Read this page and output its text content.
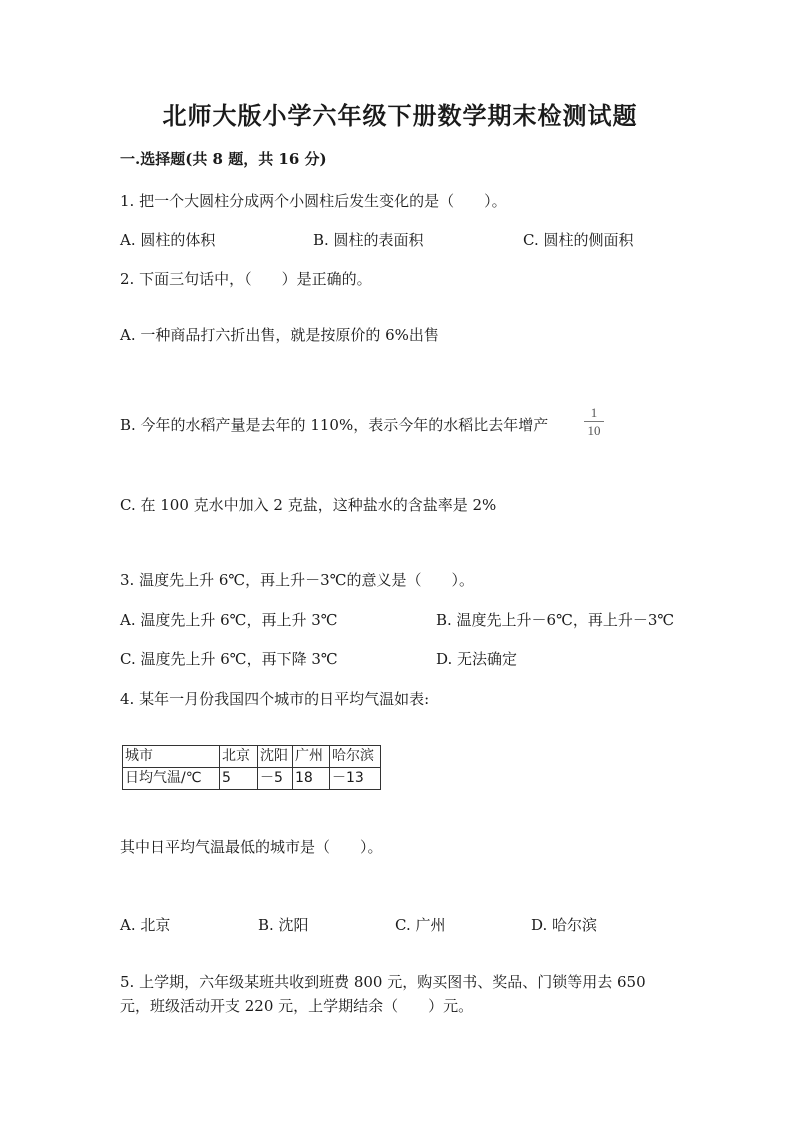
北师大版小学六年级下册数学期末检测试题
一.选择题(共 8 题，共 16 分)
1. 把一个大圆柱分成两个小圆柱后发生变化的是（　　）。
A. 圆柱的体积	B. 圆柱的表面积	C. 圆柱的侧面积
2. 下面三句话中，（　　）是正确的。
A. 一种商品打六折出售，就是按原价的 6%出售
B. 今年的水稻产量是去年的 110%，表示今年的水稻比去年增产
1
10
C. 在 100 克水中加入 2 克盐，这种盐水的含盐率是 2%
3. 温度先上升 6℃，再上升－3℃的意义是（　　）。
A. 温度先上升 6℃，再上升 3℃	B. 温度先上升－6℃，再上升－3℃
C. 温度先上升 6℃，再下降 3℃	D. 无法确定
4. 某年一月份我国四个城市的日平均气温如表:
城市	北京	沈阳	广州	哈尔滨
日均气温/℃	5	－5	18	－13
其中日平均气温最低的城市是（　　）。
A. 北京	B. 沈阳	C. 广州	D. 哈尔滨
5. 上学期，六年级某班共收到班费 800 元，购买图书、奖品、门锁等用去 650
元，班级活动开支 220 元，上学期结余（　　）元。
